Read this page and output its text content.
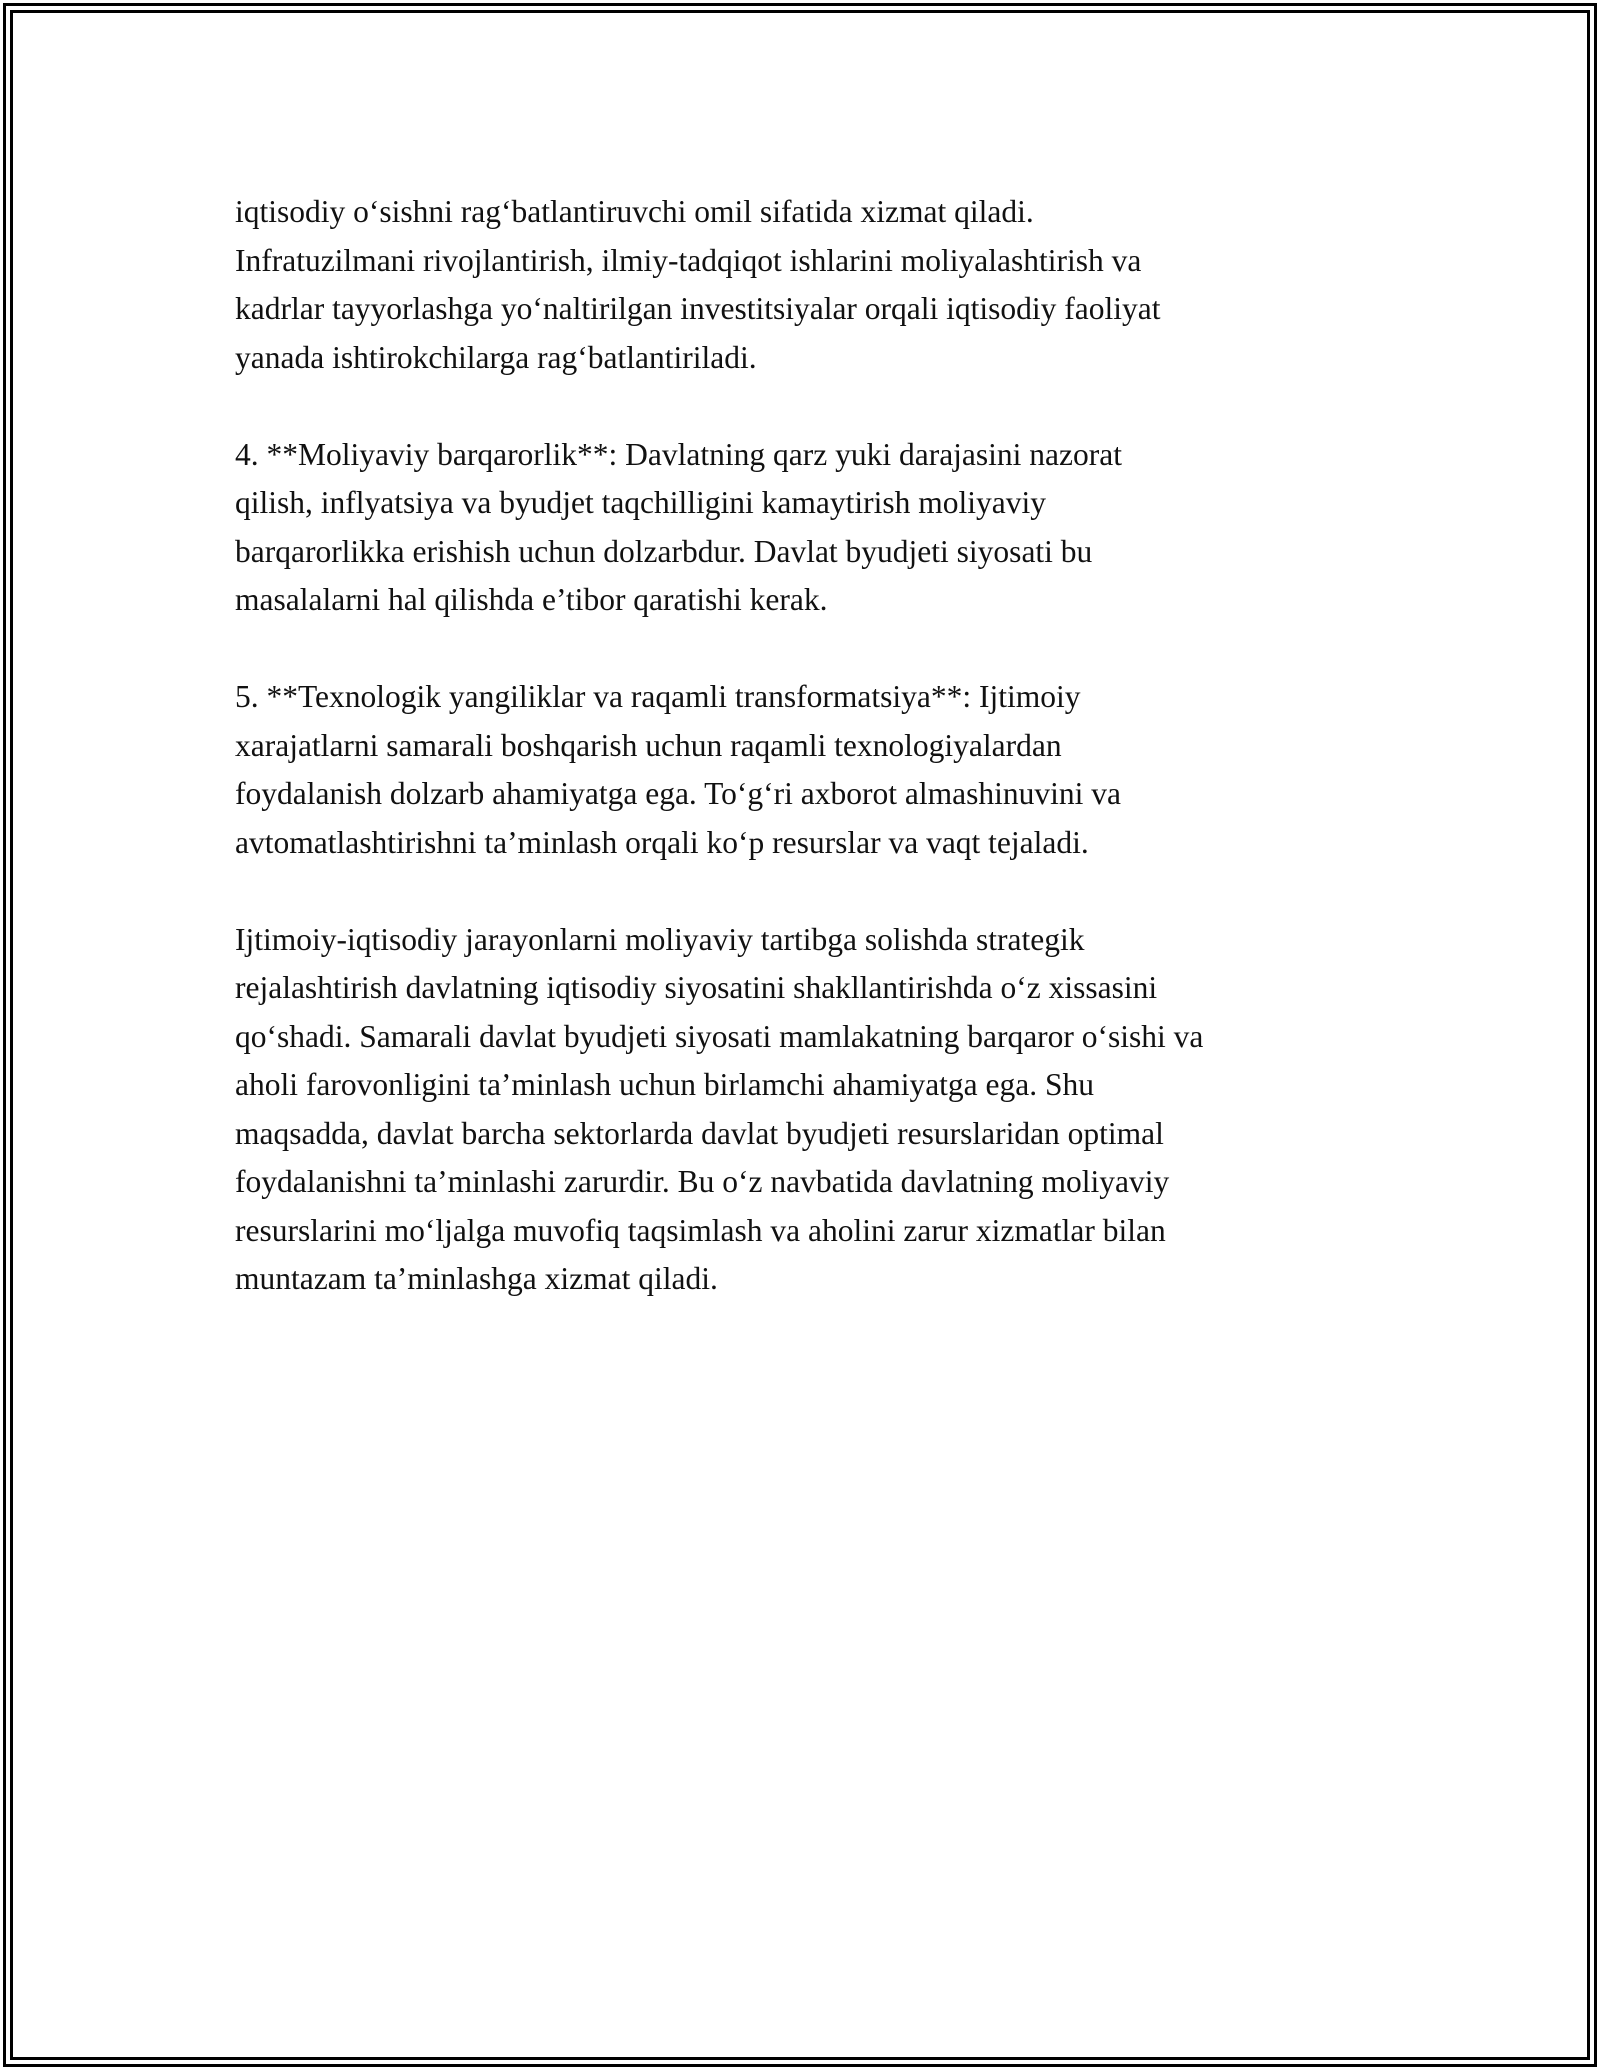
iqtisodiy o‘sishni rag‘batlantiruvchi omil sifatida xizmat qiladi.
Infratuzilmani rivojlantirish, ilmiy-tadqiqot ishlarini moliyalashtirish va
kadrlar tayyorlashga yo‘naltirilgan investitsiyalar orqali iqtisodiy faoliyat
yanada ishtirokchilarga rag‘batlantiriladi.

4. **Moliyaviy barqarorlik**: Davlatning qarz yuki darajasini nazorat
qilish, inflyatsiya va byudjet taqchilligini kamaytirish moliyaviy
barqarorlikka erishish uchun dolzarbdur. Davlat byudjeti siyosati bu
masalalarni hal qilishda e’tibor qaratishi kerak.

5. **Texnologik yangiliklar va raqamli transformatsiya**: Ijtimoiy
xarajatlarni samarali boshqarish uchun raqamli texnologiyalardan
foydalanish dolzarb ahamiyatga ega. To‘g‘ri axborot almashinuvini va
avtomatlashtirishni ta’minlash orqali ko‘p resurslar va vaqt tejaladi.

Ijtimoiy-iqtisodiy jarayonlarni moliyaviy tartibga solishda strategik
rejalashtirish davlatning iqtisodiy siyosatini shakllantirishda o‘z xissasini
qo‘shadi. Samarali davlat byudjeti siyosati mamlakatning barqaror o‘sishi va
aholi farovonligini ta’minlash uchun birlamchi ahamiyatga ega. Shu
maqsadda, davlat barcha sektorlarda davlat byudjeti resurslaridan optimal
foydalanishni ta’minlashi zarurdir. Bu o‘z navbatida davlatning moliyaviy
resurslarini mo‘ljalga muvofiq taqsimlash va aholini zarur xizmatlar bilan
muntazam ta’minlashga xizmat qiladi.
